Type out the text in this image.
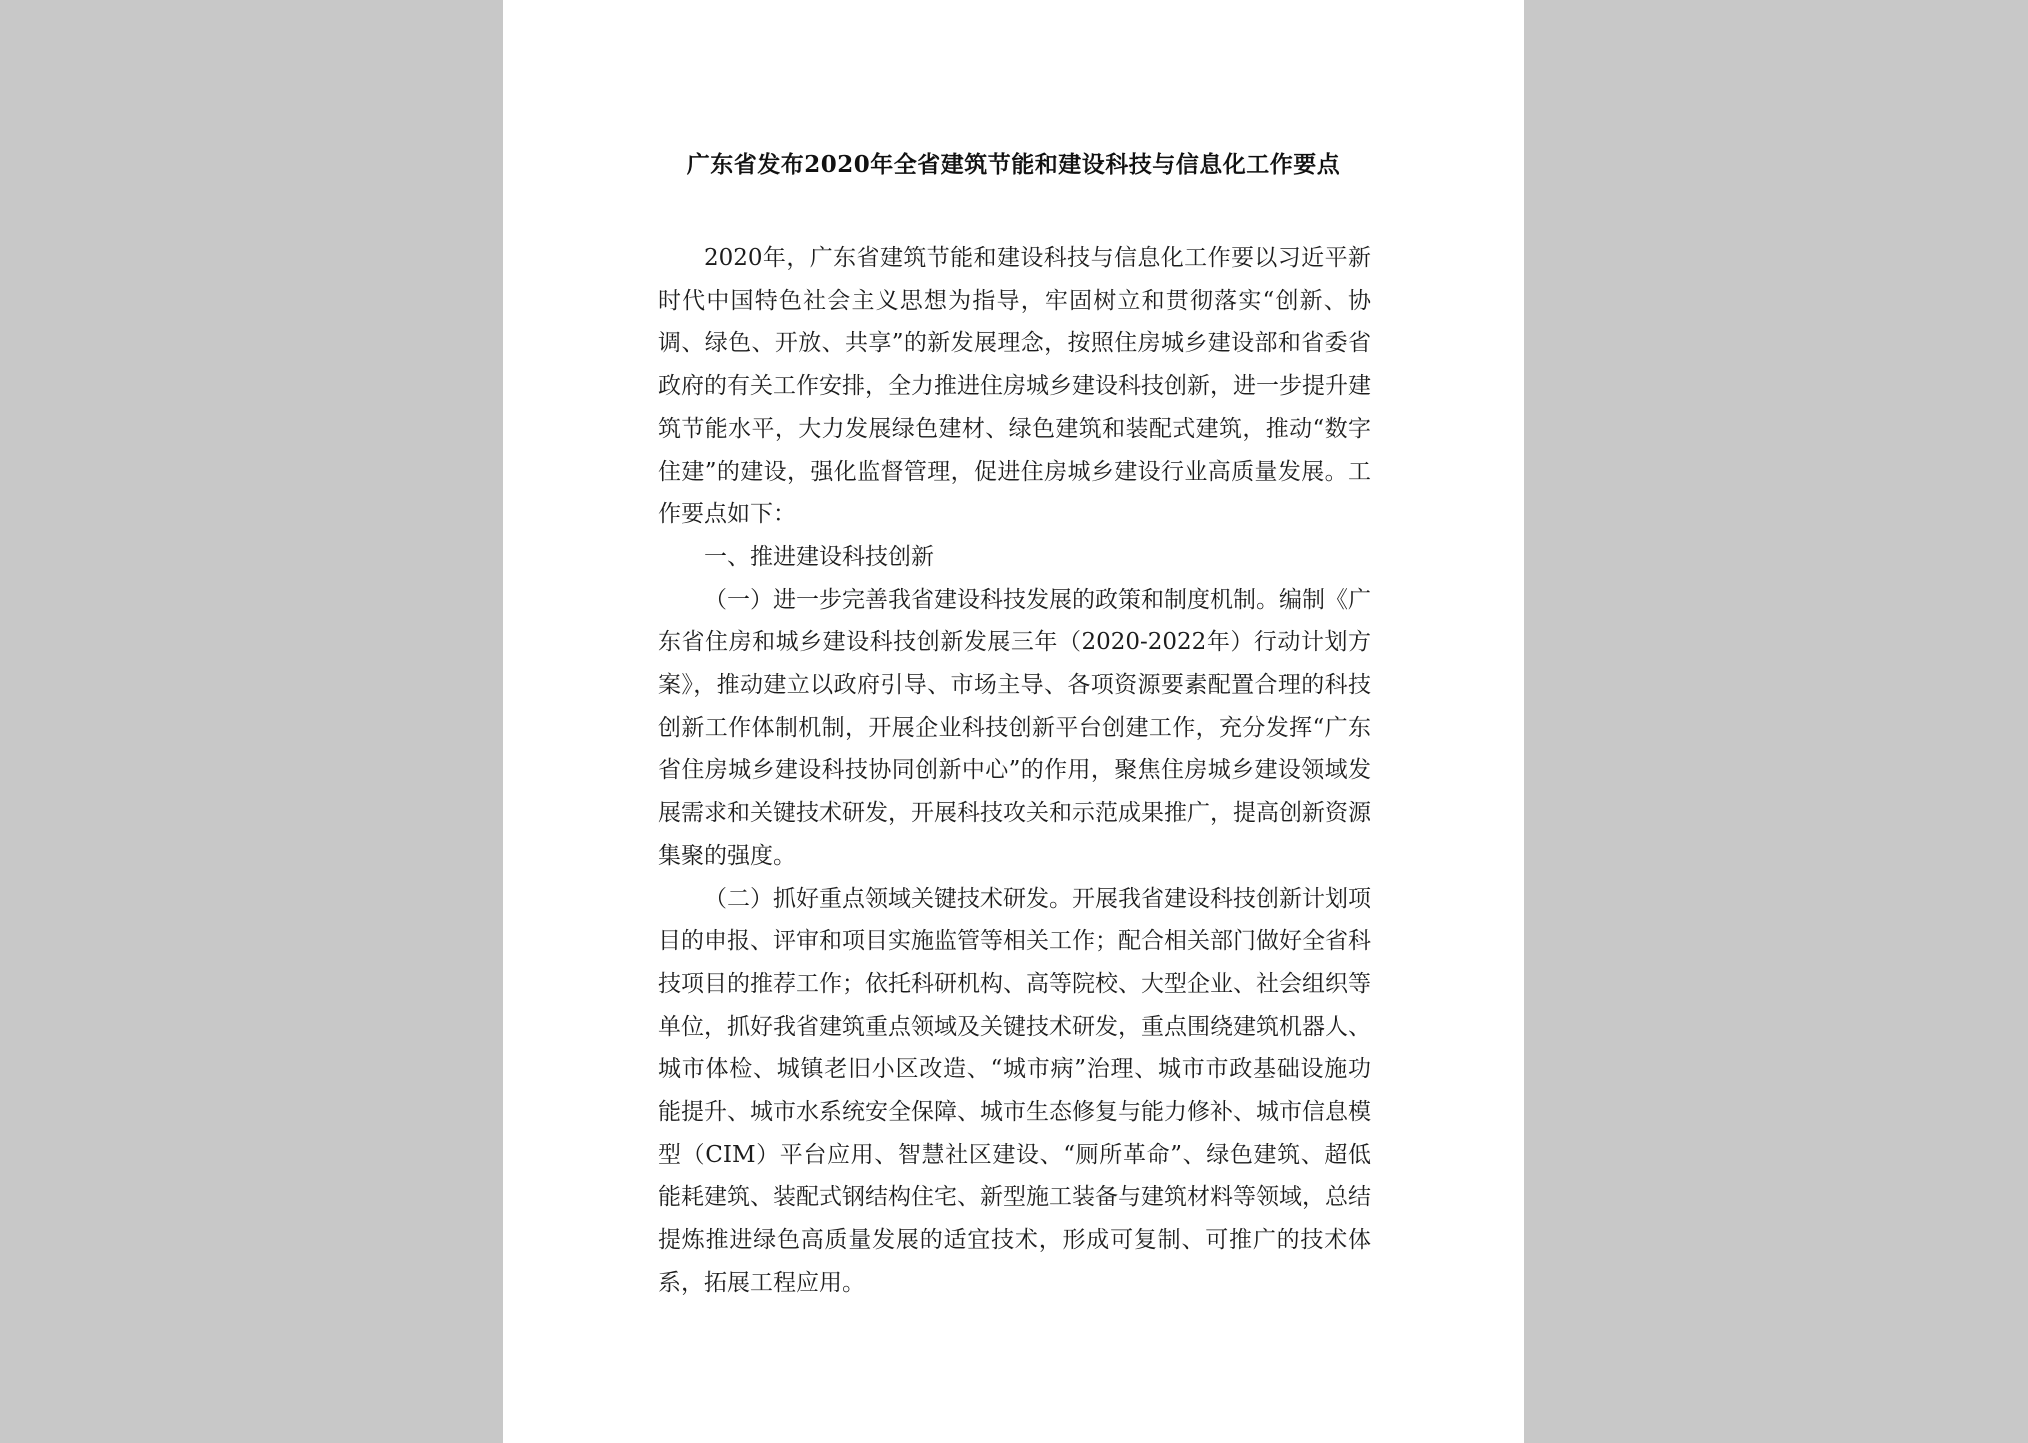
广东省发布2020年全省建筑节能和建设科技与信息化工作要点

2020年，广东省建筑节能和建设科技与信息化工作要以习近平新时代中国特色社会主义思想为指导，牢固树立和贯彻落实“创新、协调、绿色、开放、共享”的新发展理念，按照住房城乡建设部和省委省政府的有关工作安排，全力推进住房城乡建设科技创新，进一步提升建筑节能水平，大力发展绿色建材、绿色建筑和装配式建筑，推动“数字住建”的建设，强化监督管理，促进住房城乡建设行业高质量发展。工作要点如下：

一、推进建设科技创新

（一）进一步完善我省建设科技发展的政策和制度机制。编制《广东省住房和城乡建设科技创新发展三年（2020-2022年）行动计划方案》，推动建立以政府引导、市场主导、各项资源要素配置合理的科技创新工作体制机制，开展企业科技创新平台创建工作，充分发挥“广东省住房城乡建设科技协同创新中心”的作用，聚焦住房城乡建设领域发展需求和关键技术研发，开展科技攻关和示范成果推广，提高创新资源集聚的强度。

（二）抓好重点领域关键技术研发。开展我省建设科技创新计划项目的申报、评审和项目实施监管等相关工作；配合相关部门做好全省科技项目的推荐工作；依托科研机构、高等院校、大型企业、社会组织等单位，抓好我省建筑重点领域及关键技术研发，重点围绕建筑机器人、城市体检、城镇老旧小区改造、“城市病”治理、城市市政基础设施功能提升、城市水系统安全保障、城市生态修复与能力修补、城市信息模型（CIM）平台应用、智慧社区建设、“厕所革命”、绿色建筑、超低能耗建筑、装配式钢结构住宅、新型施工装备与建筑材料等领域，总结提炼推进绿色高质量发展的适宜技术，形成可复制、可推广的技术体系，拓展工程应用。
